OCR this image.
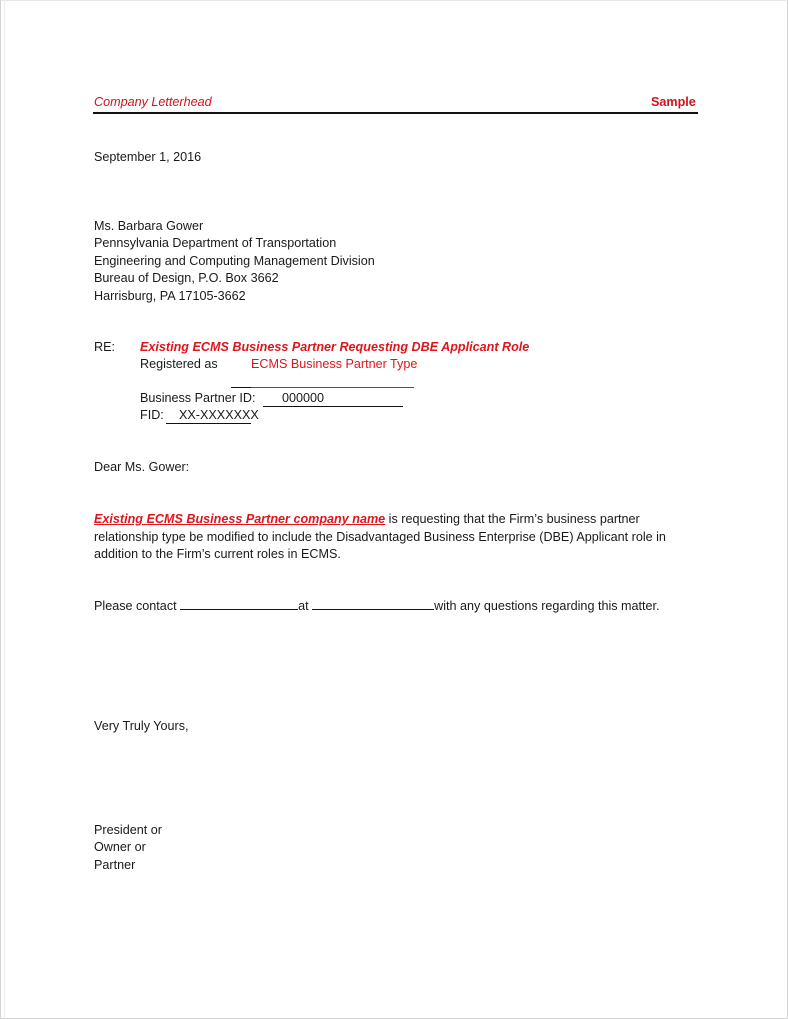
Company Letterhead	Sample
September 1, 2016
Ms. Barbara Gower
Pennsylvania Department of Transportation
Engineering and Computing Management Division
Bureau of Design, P.O. Box 3662
Harrisburg, PA 17105-3662
RE: Existing ECMS Business Partner Requesting DBE Applicant Role
Registered as	ECMS Business Partner Type
Business Partner ID:	000000
FID:	XX-XXXXXXX
Dear Ms. Gower:
Existing ECMS Business Partner company name is requesting that the Firm’s business partner
relationship type be modified to include the Disadvantaged Business Enterprise (DBE) Applicant role in
addition to the Firm’s current roles in ECMS.
Please contact	at	with any questions regarding this matter.
Very Truly Yours,
President or
Owner or
Partner
